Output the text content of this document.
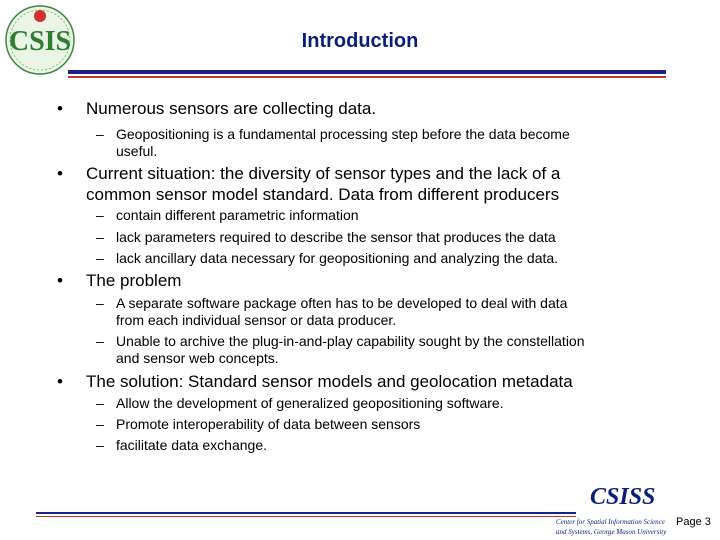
CSIS	Introduction
• Numerous sensors are collecting data.
– Geopositioning is a fundamental processing step before the data become
useful.
• Current situation: the diversity of sensor types and the lack of a
common sensor model standard. Data from different producers
– contain different parametric information
– lack parameters required to describe the sensor that produces the data
– lack ancillary data necessary for geopositioning and analyzing the data.
• The problem
– A separate software package often has to be developed to deal with data
from each individual sensor or data producer.
– Unable to archive the plug-in-and-play capability sought by the constellation
and sensor web concepts.
• The solution: Standard sensor models and geolocation metadata
– Allow the development of generalized geopositioning software.
– Promote interoperability of data between sensors
– facilitate data exchange.
CSISS
Center for Spatial Information Science
and Systems, George Mason University
Page 3
